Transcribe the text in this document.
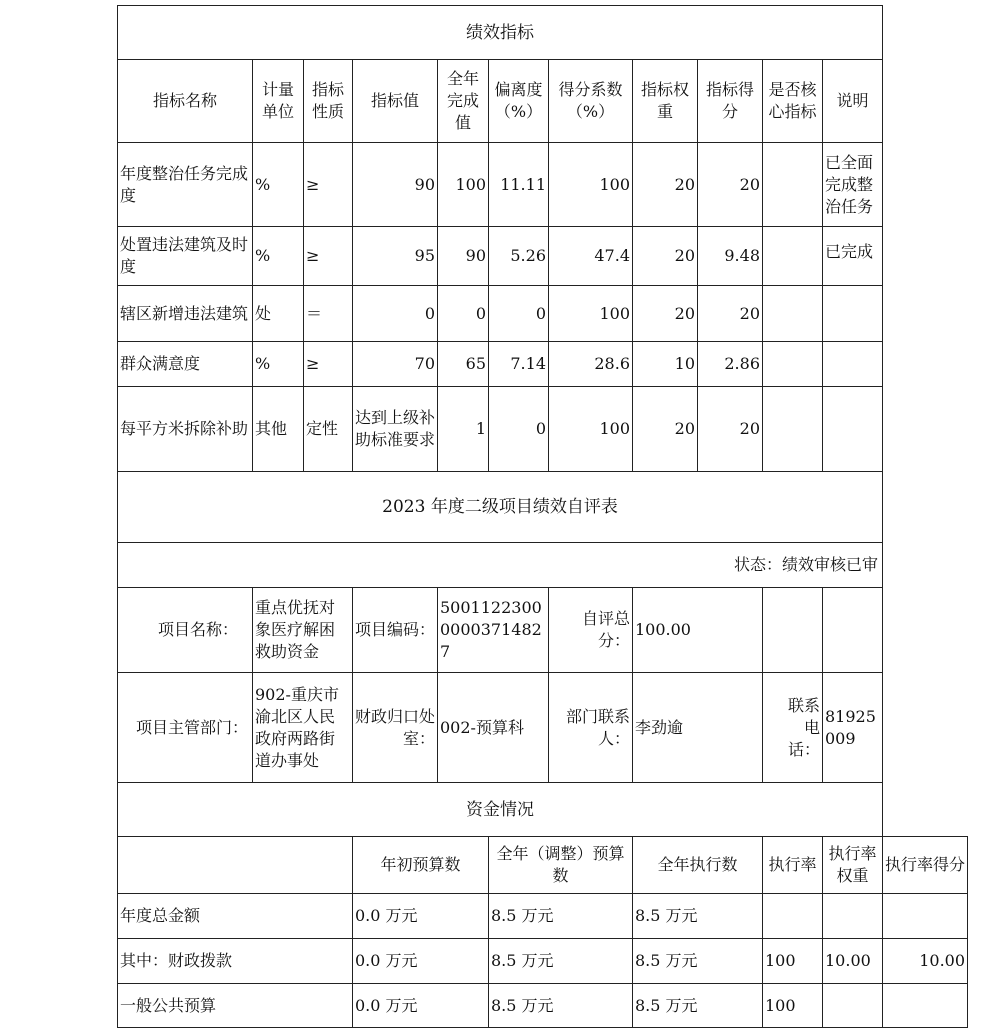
绩效指标											
指标名称	计量单位	指标性质	指标值	全年完成值	偏离度（%）	得分系数（%）	指标权重	指标得分	是否核心指标	说明	
年度整治任务完成度	%	≥	90	100	11.11	100	20	20		已全面完成整治任务	
处置违法建筑及时度	%	≥	95	90	5.26	47.4	20	9.48		已完成	
辖区新增违法建筑	处	＝	0	0	0	100	20	20			
群众满意度	%	≥	70	65	7.14	28.6	10	2.86			
每平方米拆除补助	其他	定性	达到上级补助标准要求	1	0	100	20	20			
2023 年度二级项目绩效自评表											
状态：绩效审核已审											
项目名称：	重点优抚对象医疗解困救助资金		项目编码：	500112230000003714827		自评总分：	100.00				
项目主管部门：	902-重庆市渝北区人民政府两路街道办事处		财政归口处室：	002-预算科		部门联系人：	李劲逾		联系电话：	81925009	
资金情况											
			年初预算数		全年（调整）预算数		全年执行数		执行率	执行率权重	执行率得分
年度总金额			0.0 万元		8.5 万元		8.5 万元				
其中：财政拨款			0.0 万元		8.5 万元		8.5 万元		100	10.00	10.00
一般公共预算			0.0 万元		8.5 万元		8.5 万元		100		
